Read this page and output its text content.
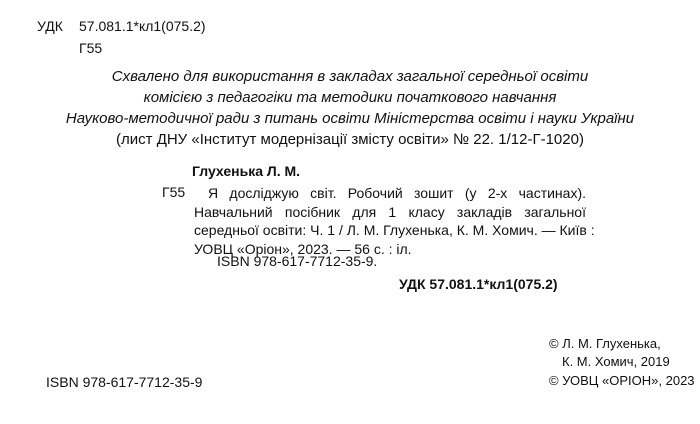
УДК 57.081.1*кл1(075.2)
Г55
Схвалено для використання в закладах загальної середньої освіти
комісією з педагогіки та методики початкового навчання
Науково-методичної ради з питань освіти Міністерства освіти і науки України
(лист ДНУ «Інститут модернізації змісту освіти» № 22. 1/12-Г-1020)
Глухенька Л. М.
Г55	Я досліджую світ. Робочий зошит (у 2-х частинах).
Навчальний посібник для 1 класу закладів загальної
середньої освіти: Ч. 1 / Л. М. Глухенька, К. М. Хомич. — Київ :
УОВЦ «Оріон», 2023. — 56 с. : іл.
ISBN 978-617-7712-35-9.
УДК 57.081.1*кл1(075.2)
© Л. М. Глухенька,
К. М. Хомич, 2019
© УОВЦ «ОРІОН», 2023
ISBN 978-617-7712-35-9
